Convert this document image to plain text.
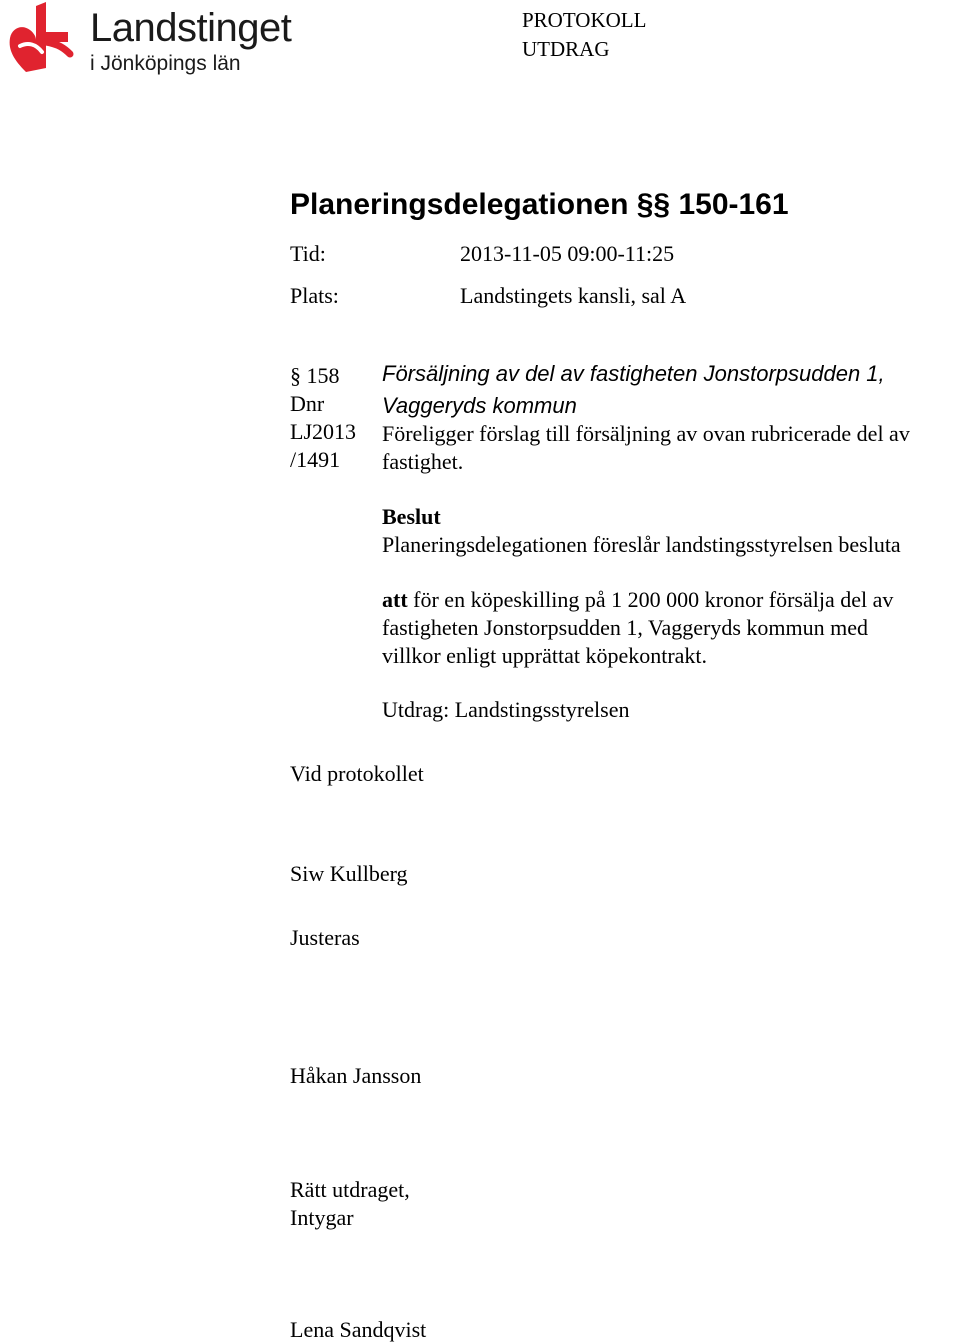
Landstinget
i Jönköpings län
PROTOKOLL
UTDRAG
Planeringsdelegationen §§ 150-161
Tid:	2013-11-05 09:00-11:25
Plats:	Landstingets kansli, sal A
§ 158
Dnr
LJ2013
/1491
Försäljning av del av fastigheten Jonstorpsudden 1,
Vaggeryds kommun
Föreligger förslag till försäljning av ovan rubricerade del av
fastighet.
Beslut
Planeringsdelegationen föreslår landstingsstyrelsen besluta
att för en köpeskilling på 1 200 000 kronor försälja del av
fastigheten Jonstorpsudden 1, Vaggeryds kommun med
villkor enligt upprättat köpekontrakt.
Utdrag: Landstingsstyrelsen
Vid protokollet
Siw Kullberg
Justeras
Håkan Jansson
Rätt utdraget,
Intygar
Lena Sandqvist
